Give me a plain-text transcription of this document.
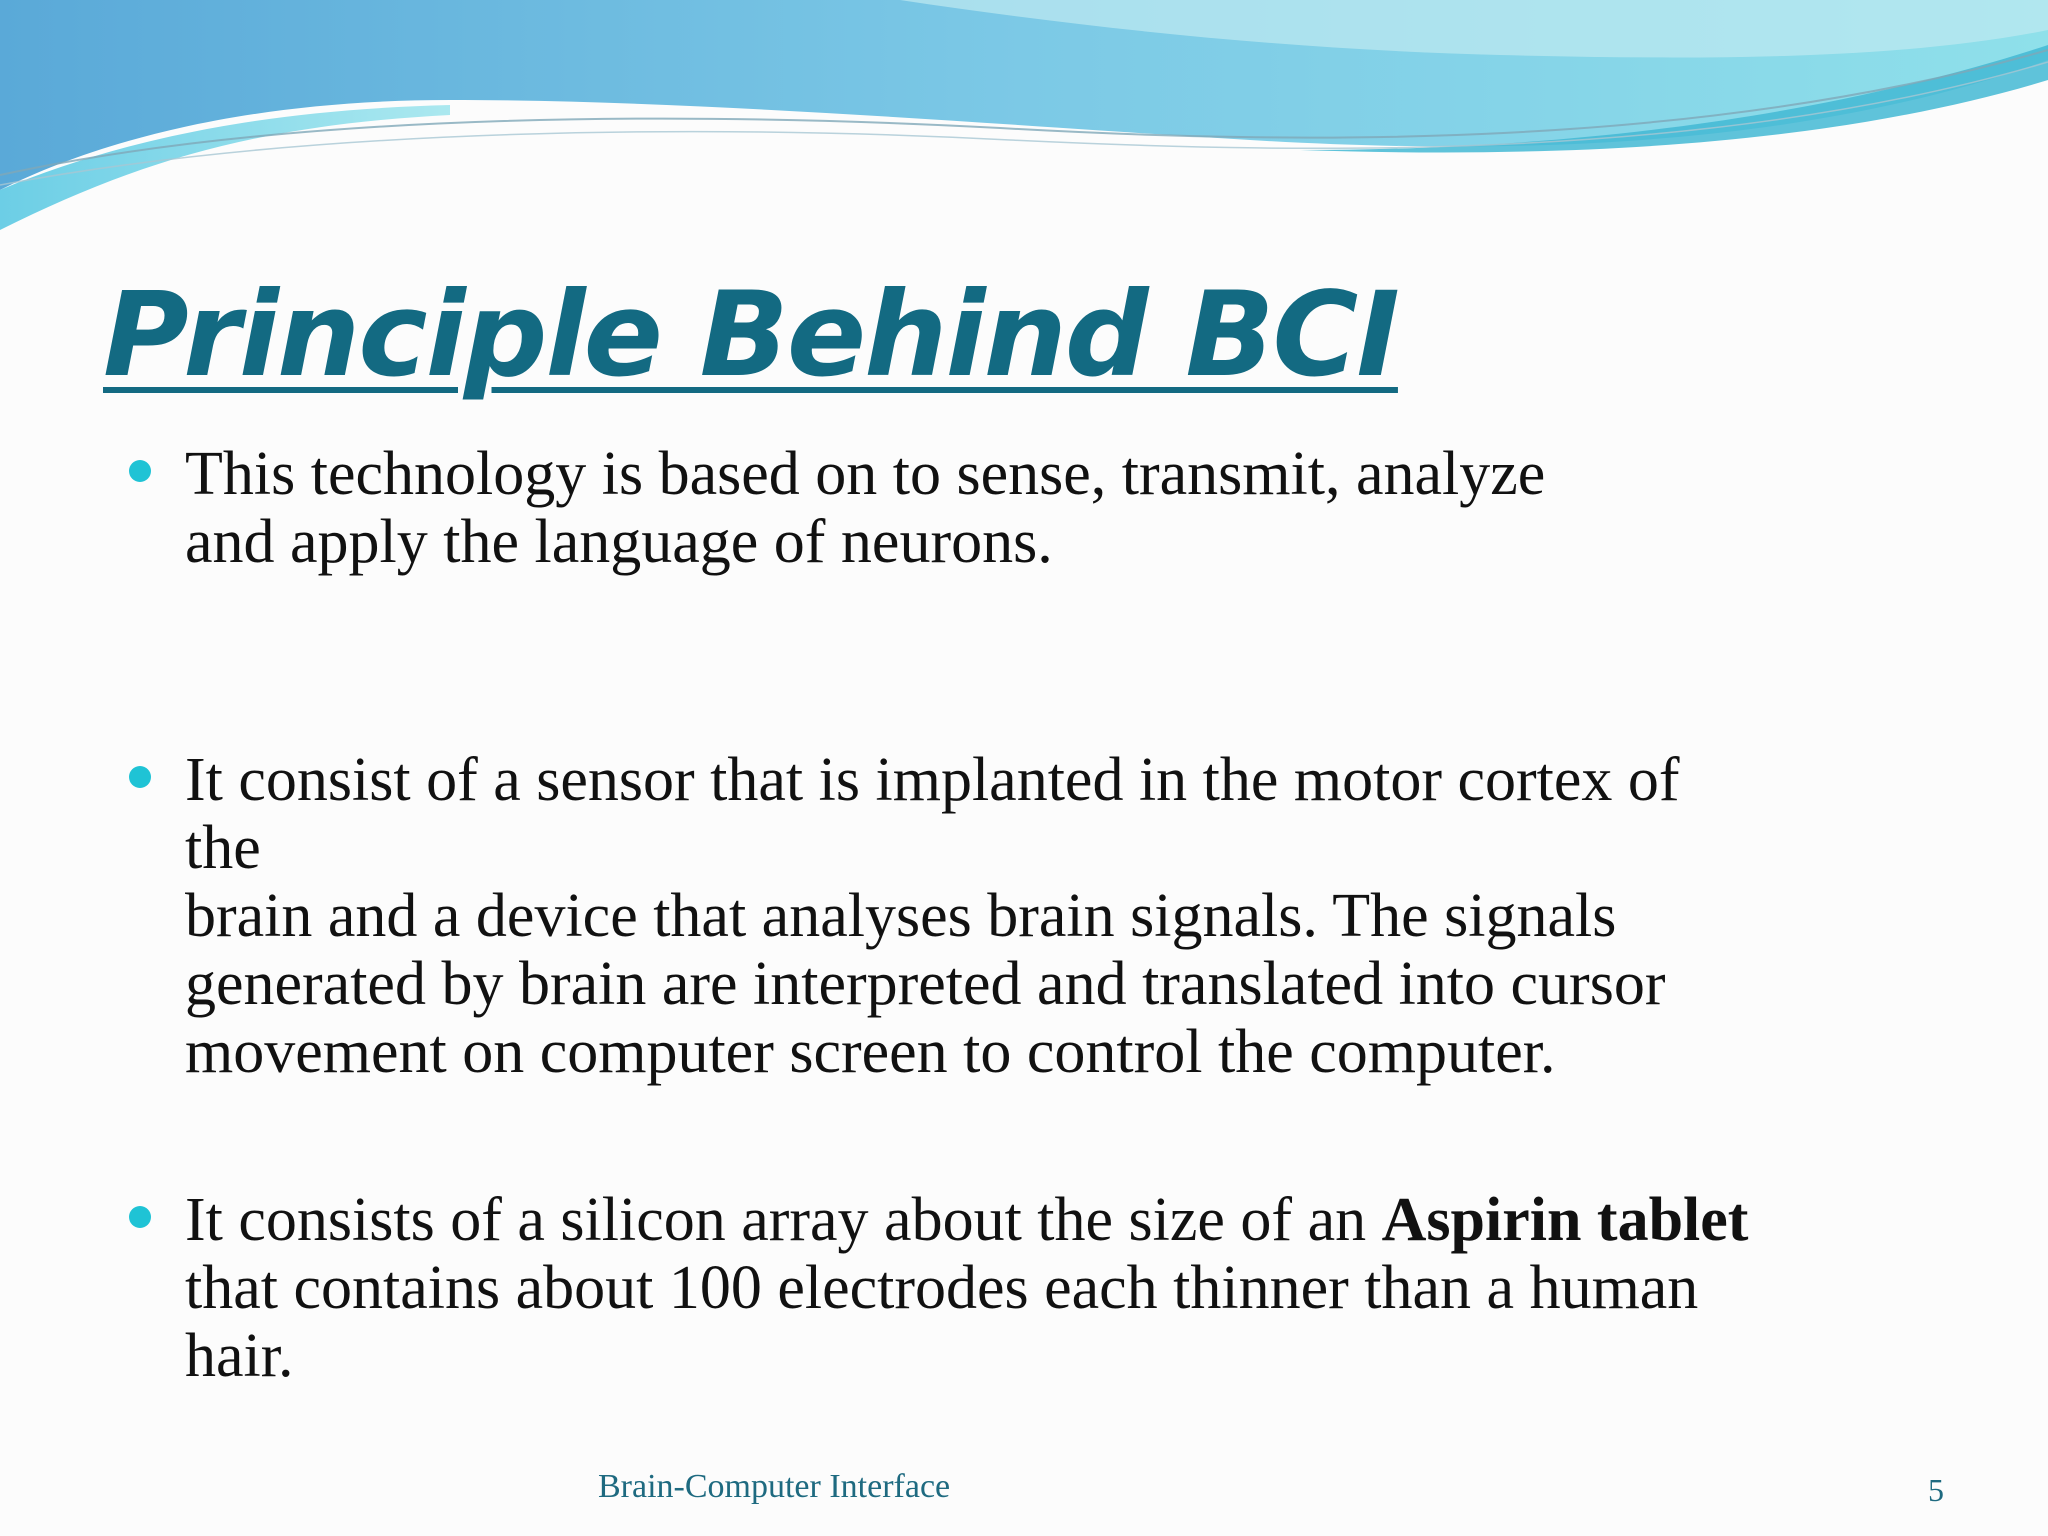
Principle Behind BCI
This technology is based on to sense, transmit, analyze
and apply the language of neurons.
It consist of a sensor that is implanted in the motor cortex of
the
brain and a device that analyses brain signals. The signals
generated by brain are interpreted and translated into cursor
movement on computer screen to control the computer.
It consists of a silicon array about the size of an Aspirin tablet
that contains about 100 electrodes each thinner than a human
hair.
Brain-Computer Interface	5
